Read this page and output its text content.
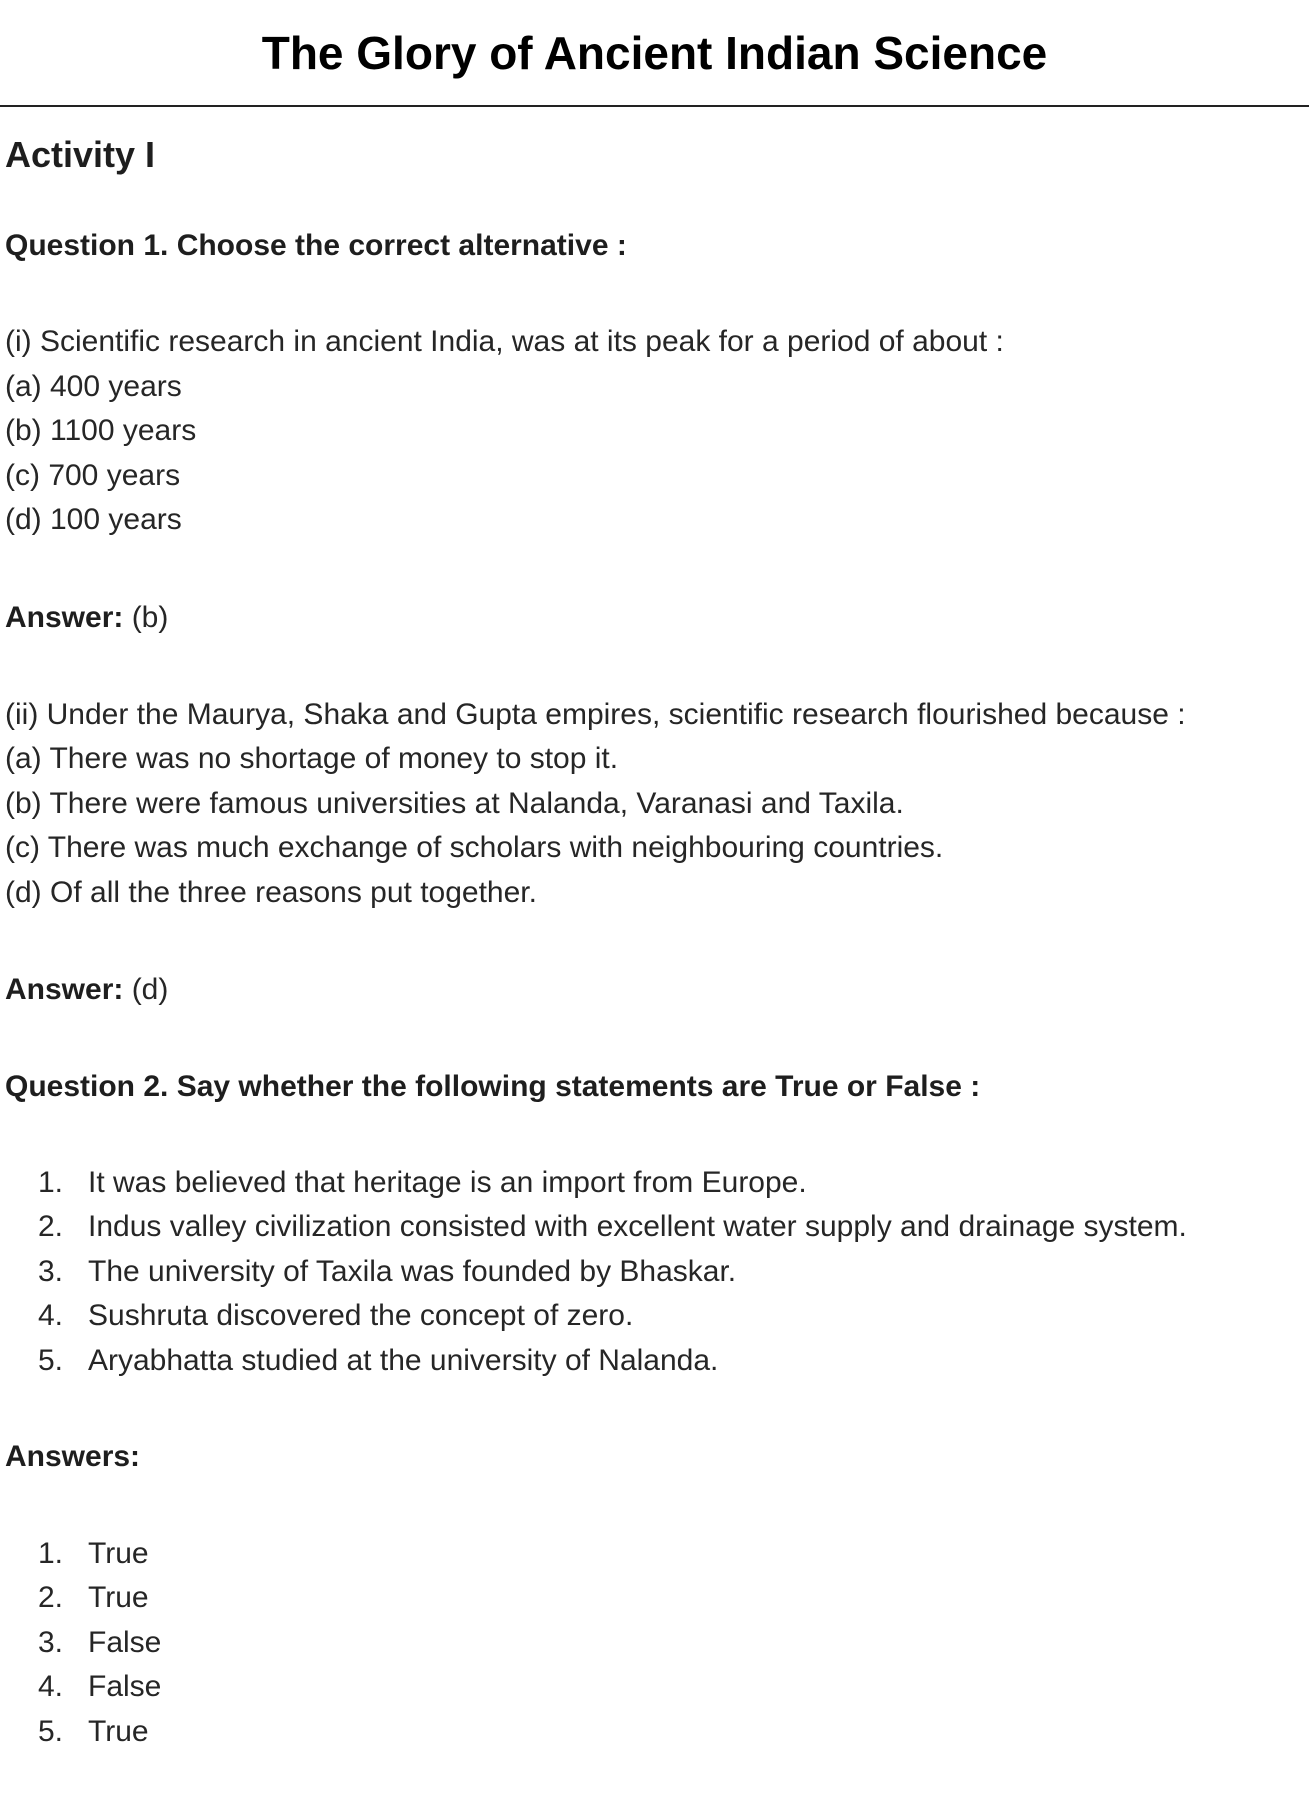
The Glory of Ancient Indian Science
Activity I
Question 1. Choose the correct alternative :
(i) Scientific research in ancient India, was at its peak for a period of about :
(a) 400 years
(b) 1100 years
(c) 700 years
(d) 100 years
Answer: (b)
(ii) Under the Maurya, Shaka and Gupta empires, scientific research flourished because :
(a) There was no shortage of money to stop it.
(b) There were famous universities at Nalanda, Varanasi and Taxila.
(c) There was much exchange of scholars with neighbouring countries.
(d) Of all the three reasons put together.
Answer: (d)
Question 2. Say whether the following statements are True or False :
1. It was believed that heritage is an import from Europe.
2. Indus valley civilization consisted with excellent water supply and drainage system.
3. The university of Taxila was founded by Bhaskar.
4. Sushruta discovered the concept of zero.
5. Aryabhatta studied at the university of Nalanda.
Answers:
1. True
2. True
3. False
4. False
5. True
